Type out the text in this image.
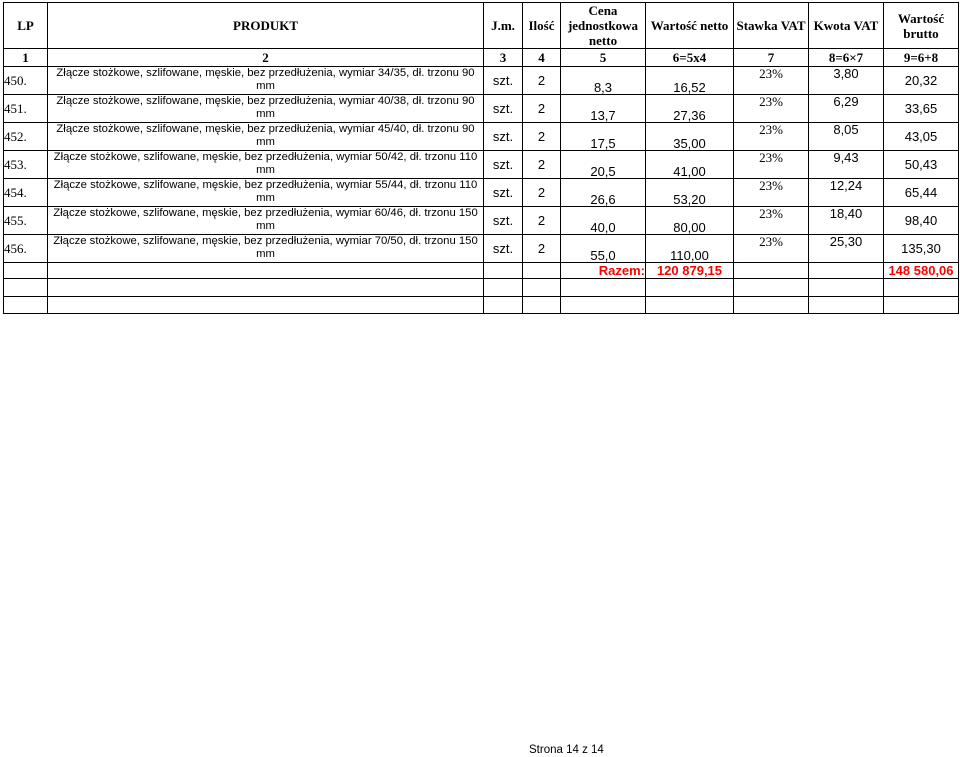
LP	PRODUKT	J.m.	Ilość	Cena jednostkowa netto	Wartość netto	Stawka VAT	Kwota VAT	Wartość brutto
1	2	3	4	5	6=5x4	7	8=6×7	9=6+8
450.	Złącze stożkowe, szlifowane, męskie, bez przedłużenia, wymiar 34/35, dł. trzonu 90 mm	szt.	2	8,3	16,52	23%	3,80	20,32
451.	Złącze stożkowe, szlifowane, męskie, bez przedłużenia, wymiar 40/38, dł. trzonu 90 mm	szt.	2	13,7	27,36	23%	6,29	33,65
452.	Złącze stożkowe, szlifowane, męskie, bez przedłużenia, wymiar 45/40, dł. trzonu 90 mm	szt.	2	17,5	35,00	23%	8,05	43,05
453.	Złącze stożkowe, szlifowane, męskie, bez przedłużenia, wymiar 50/42, dł. trzonu 110 mm	szt.	2	20,5	41,00	23%	9,43	50,43
454.	Złącze stożkowe, szlifowane, męskie, bez przedłużenia, wymiar 55/44, dł. trzonu 110 mm	szt.	2	26,6	53,20	23%	12,24	65,44
455.	Złącze stożkowe, szlifowane, męskie, bez przedłużenia, wymiar 60/46, dł. trzonu 150 mm	szt.	2	40,0	80,00	23%	18,40	98,40
456.	Złącze stożkowe, szlifowane, męskie, bez przedłużenia, wymiar 70/50, dł. trzonu 150 mm	szt.	2	55,0	110,00	23%	25,30	135,30
				Razem:	120 879,15			148 580,06

Strona 14 z 14
